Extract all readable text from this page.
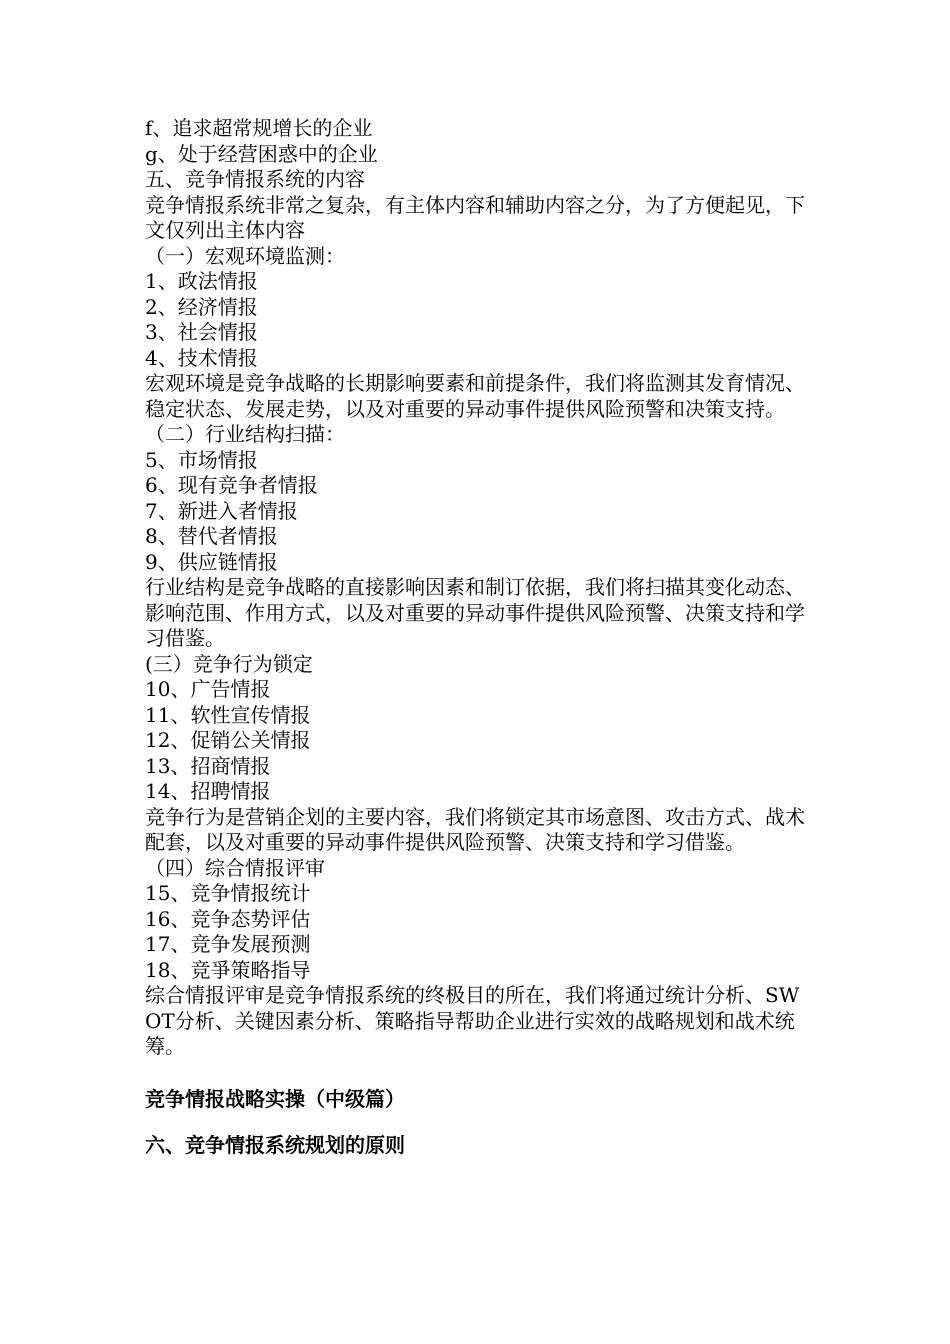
f、追求超常规增长的企业
g、处于经营困惑中的企业
五、竞争情报系统的内容

竞争情报系统非常之复杂，有主体内容和辅助内容之分，为了方便起见，下文仅列出主体内容

（一）宏观环境监测：
1、政法情报
2、经济情报
3、社会情报
4、技术情报

宏观环境是竞争战略的长期影响要素和前提条件，我们将监测其发育情况、稳定状态、发展走势，以及对重要的异动事件提供风险预警和决策支持。

（二）行业结构扫描：
5、市场情报
6、现有竞争者情报
7、新进入者情报
8、替代者情报
9、供应链情报

行业结构是竞争战略的直接影响因素和制订依据，我们将扫描其变化动态、影响范围、作用方式，以及对重要的异动事件提供风险预警、决策支持和学习借鉴。

(三）竞争行为锁定
10、广告情报
11、软性宣传情报
12、促销公关情报
13、招商情报
14、招聘情报

竞争行为是营销企划的主要内容，我们将锁定其市场意图、攻击方式、战术配套，以及对重要的异动事件提供风险预警、决策支持和学习借鉴。

（四）综合情报评审
15、竞争情报统计
16、竞争态势评估
17、竞争发展预测
18、竞爭策略指导

综合情报评审是竞争情报系统的终极目的所在，我们将通过统计分析、SWOT分析、关键因素分析、策略指导帮助企业进行实效的战略规划和战术统筹。

竞争情报战略实操（中级篇）

六、竞争情报系统规划的原则
